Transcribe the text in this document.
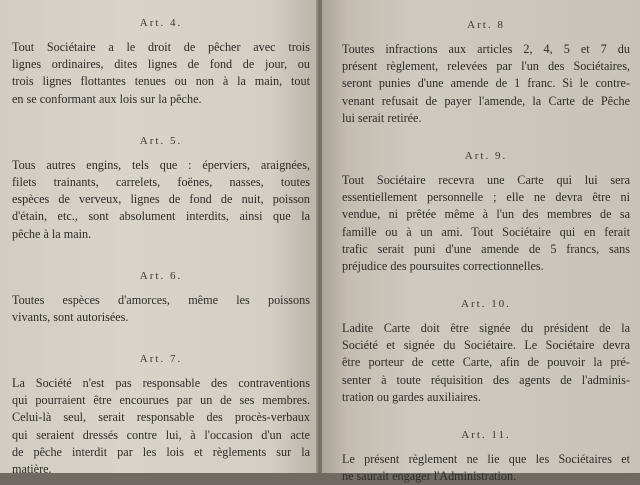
Art. 4.

Tout Sociétaire a le droit de pêcher avec trois
lignes ordinaires, dites lignes de fond de jour, ou
trois lignes flottantes tenues ou non à la main, tout
en se conformant aux lois sur la pêche.

Art. 5.

Tous autres engins, tels que : éperviers, araignées,
filets trainants, carrelets, foënes, nasses, toutes
espèces de verveux, lignes de fond de nuit, poisson
d'étain, etc., sont absolument interdits, ainsi que la
pêche à la main.

Art. 6.

Toutes espèces d'amorces, même les poissons
vivants, sont autorisées.

Art. 7.

La Société n'est pas responsable des contraventions
qui pourraient être encourues par un de ses membres.
Celui-là seul, serait responsable des procès-verbaux
qui seraient dressés contre lui, à l'occasion d'un acte
de pêche interdit par les lois et règlements sur la
matière.

Art. 8

Toutes infractions aux articles 2, 4, 5 et 7 du
présent règlement, relevées par l'un des Sociétaires,
seront punies d'une amende de 1 franc. Si le contre-
venant refusait de payer l'amende, la Carte de Pêche
lui serait retirée.

Art. 9.

Tout Sociétaire recevra une Carte qui lui sera
essentiellement personnelle ; elle ne devra être ni
vendue, ni prêtée même à l'un des membres de sa
famille ou à un ami. Tout Sociétaire qui en ferait
trafic serait puni d'une amende de 5 francs, sans
préjudice des poursuites correctionnelles.

Art. 10.

Ladite Carte doit être signée du président de la
Société et signée du Sociétaire. Le Sociétaire devra
être porteur de cette Carte, afin de pouvoir la pré-
senter à toute réquisition des agents de l'adminis-
tration ou gardes auxiliaires.

Art. 11.

Le présent règlement ne lie que les Sociétaires et
ne saurait engager l'Administration.
